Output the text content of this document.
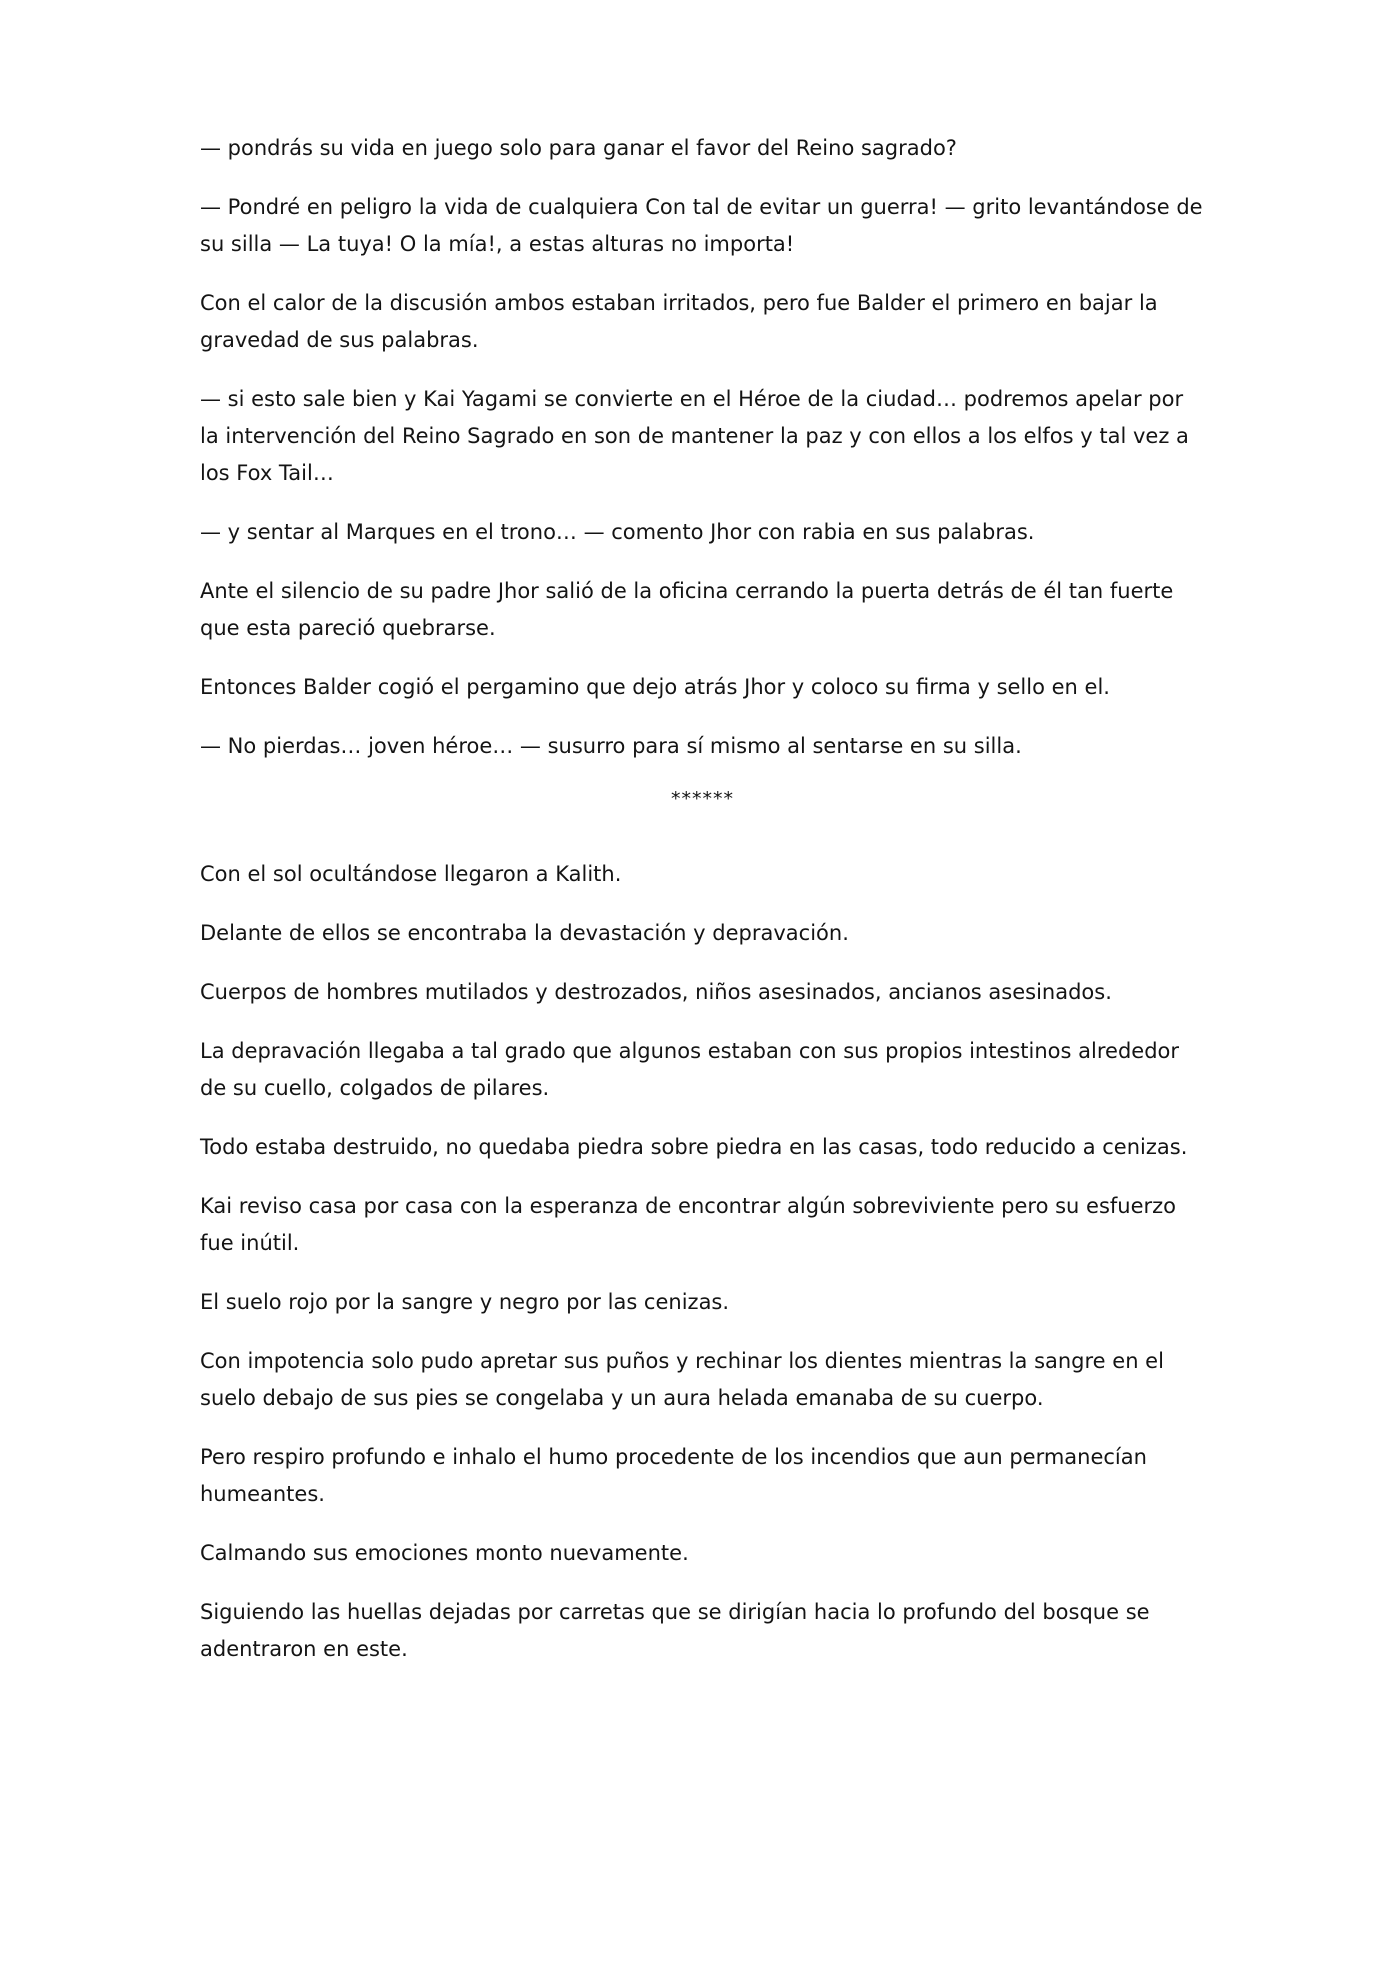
— pondrás su vida en juego solo para ganar el favor del Reino sagrado?

— Pondré en peligro la vida de cualquiera Con tal de evitar un guerra! — grito levantándose de su silla — La tuya! O la mía!, a estas alturas no importa!

Con el calor de la discusión ambos estaban irritados, pero fue Balder el primero en bajar la gravedad de sus palabras.

— si esto sale bien y Kai Yagami se convierte en el Héroe de la ciudad… podremos apelar por la intervención del Reino Sagrado en son de mantener la paz y con ellos a los elfos y tal vez a los Fox Tail…

— y sentar al Marques en el trono… — comento Jhor con rabia en sus palabras.

Ante el silencio de su padre Jhor salió de la oficina cerrando la puerta detrás de él tan fuerte que esta pareció quebrarse.

Entonces Balder cogió el pergamino que dejo atrás Jhor y coloco su firma y sello en el.

— No pierdas… joven héroe… — susurro para sí mismo al sentarse en su silla.

******

Con el sol ocultándose llegaron a Kalith.

Delante de ellos se encontraba la devastación y depravación.

Cuerpos de hombres mutilados y destrozados, niños asesinados, ancianos asesinados.

La depravación llegaba a tal grado que algunos estaban con sus propios intestinos alrededor de su cuello, colgados de pilares.

Todo estaba destruido, no quedaba piedra sobre piedra en las casas, todo reducido a cenizas.

Kai reviso casa por casa con la esperanza de encontrar algún sobreviviente pero su esfuerzo fue inútil.

El suelo rojo por la sangre y negro por las cenizas.

Con impotencia solo pudo apretar sus puños y rechinar los dientes mientras la sangre en el suelo debajo de sus pies se congelaba y un aura helada emanaba de su cuerpo.

Pero respiro profundo e inhalo el humo procedente de los incendios que aun permanecían humeantes.

Calmando sus emociones monto nuevamente.

Siguiendo las huellas dejadas por carretas que se dirigían hacia lo profundo del bosque se adentraron en este.
